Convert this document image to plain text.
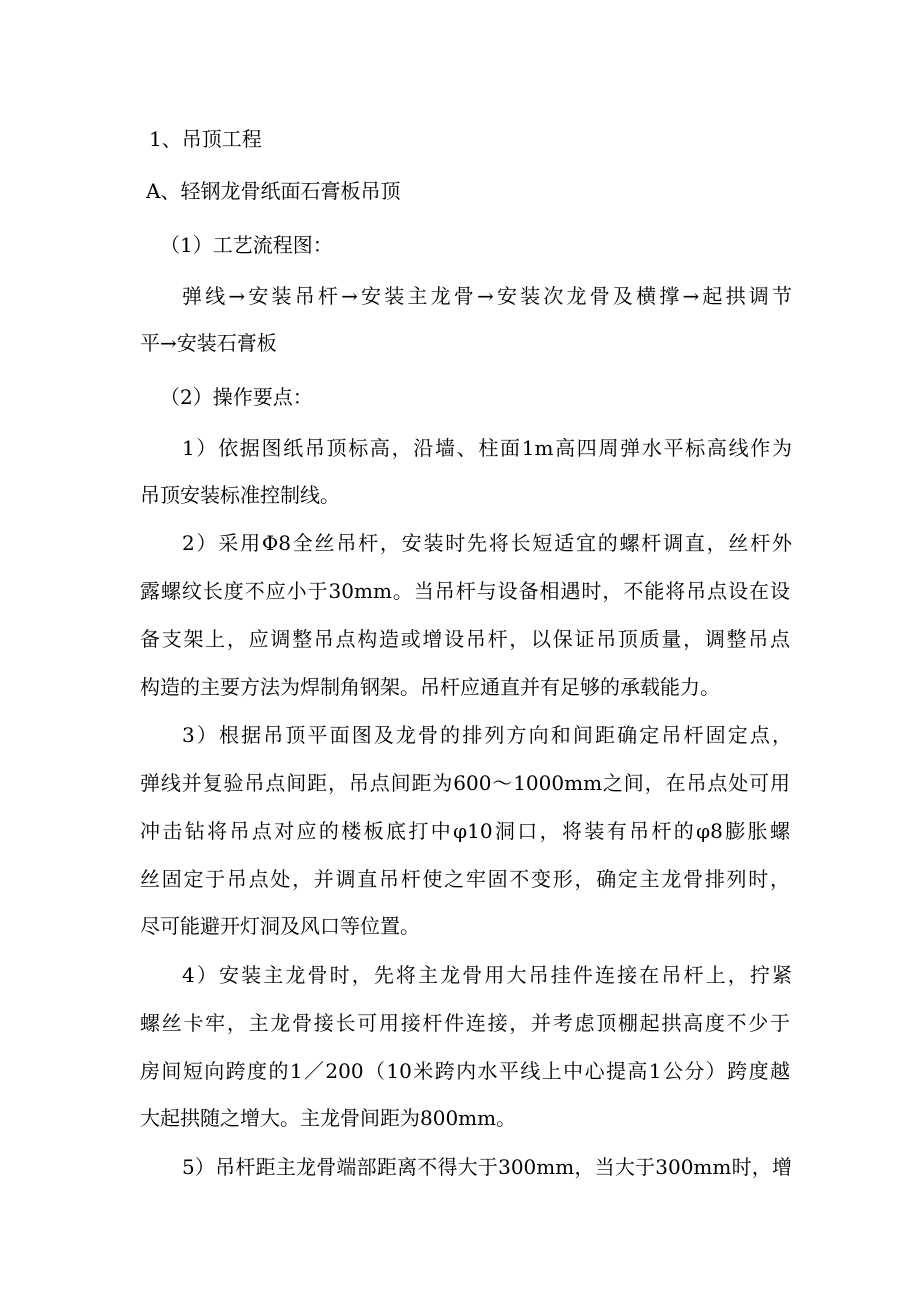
1、吊顶工程
A、轻钢龙骨纸面石膏板吊顶
（1）工艺流程图：
弹线→安装吊杆→安装主龙骨→安装次龙骨及横撑→起拱调节
平→安装石膏板
（2）操作要点：
1）依据图纸吊顶标高，沿墙、柱面1m高四周弹水平标高线作为
吊顶安装标准控制线。
2）采用Φ8全丝吊杆，安装时先将长短适宜的螺杆调直，丝杆外
露螺纹长度不应小于30mm。当吊杆与设备相遇时，不能将吊点设在设
备支架上，应调整吊点构造或增设吊杆，以保证吊顶质量，调整吊点
构造的主要方法为焊制角钢架。吊杆应通直并有足够的承载能力。
3）根据吊顶平面图及龙骨的排列方向和间距确定吊杆固定点，
弹线并复验吊点间距，吊点间距为600～1000mm之间，在吊点处可用
冲击钻将吊点对应的楼板底打中φ10洞口，将装有吊杆的φ8膨胀螺
丝固定于吊点处，并调直吊杆使之牢固不变形，确定主龙骨排列时，
尽可能避开灯洞及风口等位置。
4）安装主龙骨时，先将主龙骨用大吊挂件连接在吊杆上，拧紧
螺丝卡牢，主龙骨接长可用接杆件连接，并考虑顶棚起拱高度不少于
房间短向跨度的1／200（10米跨内水平线上中心提高1公分）跨度越
大起拱随之增大。主龙骨间距为800mm。
5）吊杆距主龙骨端部距离不得大于300mm，当大于300mm时，增
